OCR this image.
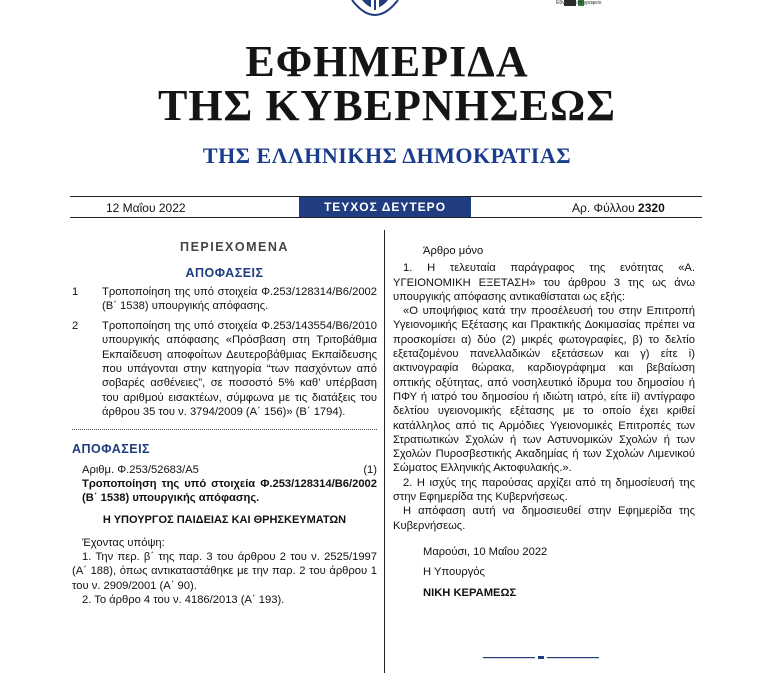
Εθνικό Τυπογραφείο
ΕΦΗΜΕΡΙΔΑ
ΤΗΣ ΚΥΒΕΡΝΗΣΕΩΣ
ΤΗΣ ΕΛΛΗΝΙΚΗΣ ΔΗΜΟΚΡΑΤΙΑΣ
12 Μαΐου 2022	ΤΕΥΧΟΣ ΔΕΥΤΕΡΟ	Αρ. Φύλλου 2320
ΠΕΡΙΕΧΟΜΕΝΑ
ΑΠΟΦΑΣΕΙΣ
1	Τροποποίηση της υπό στοιχεία Φ.253/128314/Β6/2002 (Β΄ 1538) υπουργικής απόφασης.
2	Τροποποίηση της υπό στοιχεία Φ.253/143554/Β6/2010 υπουργικής απόφασης «Πρόσβαση στη Τριτοβάθμια Εκπαίδευση αποφοίτων Δευτεροβάθμιας Εκπαίδευσης που υπάγονται στην κατηγορία “των πασχόντων από σοβαρές ασθένειες”, σε ποσοστό 5% καθ’ υπέρβαση του αριθμού εισακτέων, σύμφωνα με τις διατάξεις του άρθρου 35 του ν. 3794/2009 (Α΄ 156)» (Β΄ 1794).
ΑΠΟΦΑΣΕΙΣ
Αριθμ. Φ.253/52683/Α5	(1)
Τροποποίηση της υπό στοιχεία Φ.253/128314/Β6/2002 (Β΄ 1538) υπουργικής απόφασης.
Η ΥΠΟΥΡΓΟΣ ΠΑΙΔΕΙΑΣ ΚΑΙ ΘΡΗΣΚΕΥΜΑΤΩΝ
Έχοντας υπόψη:
1. Την περ. β΄ της παρ. 3 του άρθρου 2 του ν. 2525/1997 (Α΄ 188), όπως αντικαταστάθηκε με την παρ. 2 του άρθρου 1 του ν. 2909/2001 (Α΄ 90).
2. Το άρθρο 4 του ν. 4186/2013 (Α΄ 193).
Άρθρο μόνο
1. Η τελευταία παράγραφος της ενότητας «Α. ΥΓΕΙΟΝΟΜΙΚΗ ΕΞΕΤΑΣΗ» του άρθρου 3 της ως άνω υπουργικής απόφασης αντικαθίσταται ως εξής:
«Ο υποψήφιος κατά την προσέλευσή του στην Επιτροπή Υγειονομικής Εξέτασης και Πρακτικής Δοκιμασίας πρέπει να προσκομίσει α) δύο (2) μικρές φωτογραφίες, β) το δελτίο εξεταζομένου πανελλαδικών εξετάσεων και γ) είτε i) ακτινογραφία θώρακα, καρδιογράφημα και βεβαίωση οπτικής οξύτητας, από νοσηλευτικό ίδρυμα του δημοσίου ή ΠΦΥ ή ιατρό του δημοσίου ή ιδιώτη ιατρό, είτε ii) αντίγραφο δελτίου υγειονομικής εξέτασης με το οποίο έχει κριθεί κατάλληλος από τις Αρμόδιες Υγειονομικές Επιτροπές των Στρατιωτικών Σχολών ή των Αστυνομικών Σχολών ή των Σχολών Πυροσβεστικής Ακαδημίας ή των Σχολών Λιμενικού Σώματος Ελληνικής Ακτοφυλακής.».
2. Η ισχύς της παρούσας αρχίζει από τη δημοσίευσή της στην Εφημερίδα της Κυβερνήσεως.
Η απόφαση αυτή να δημοσιευθεί στην Εφημερίδα της Κυβερνήσεως.
Μαρούσι, 10 Μαΐου 2022
Η Υπουργός
ΝΙΚΗ ΚΕΡΑΜΕΩΣ
